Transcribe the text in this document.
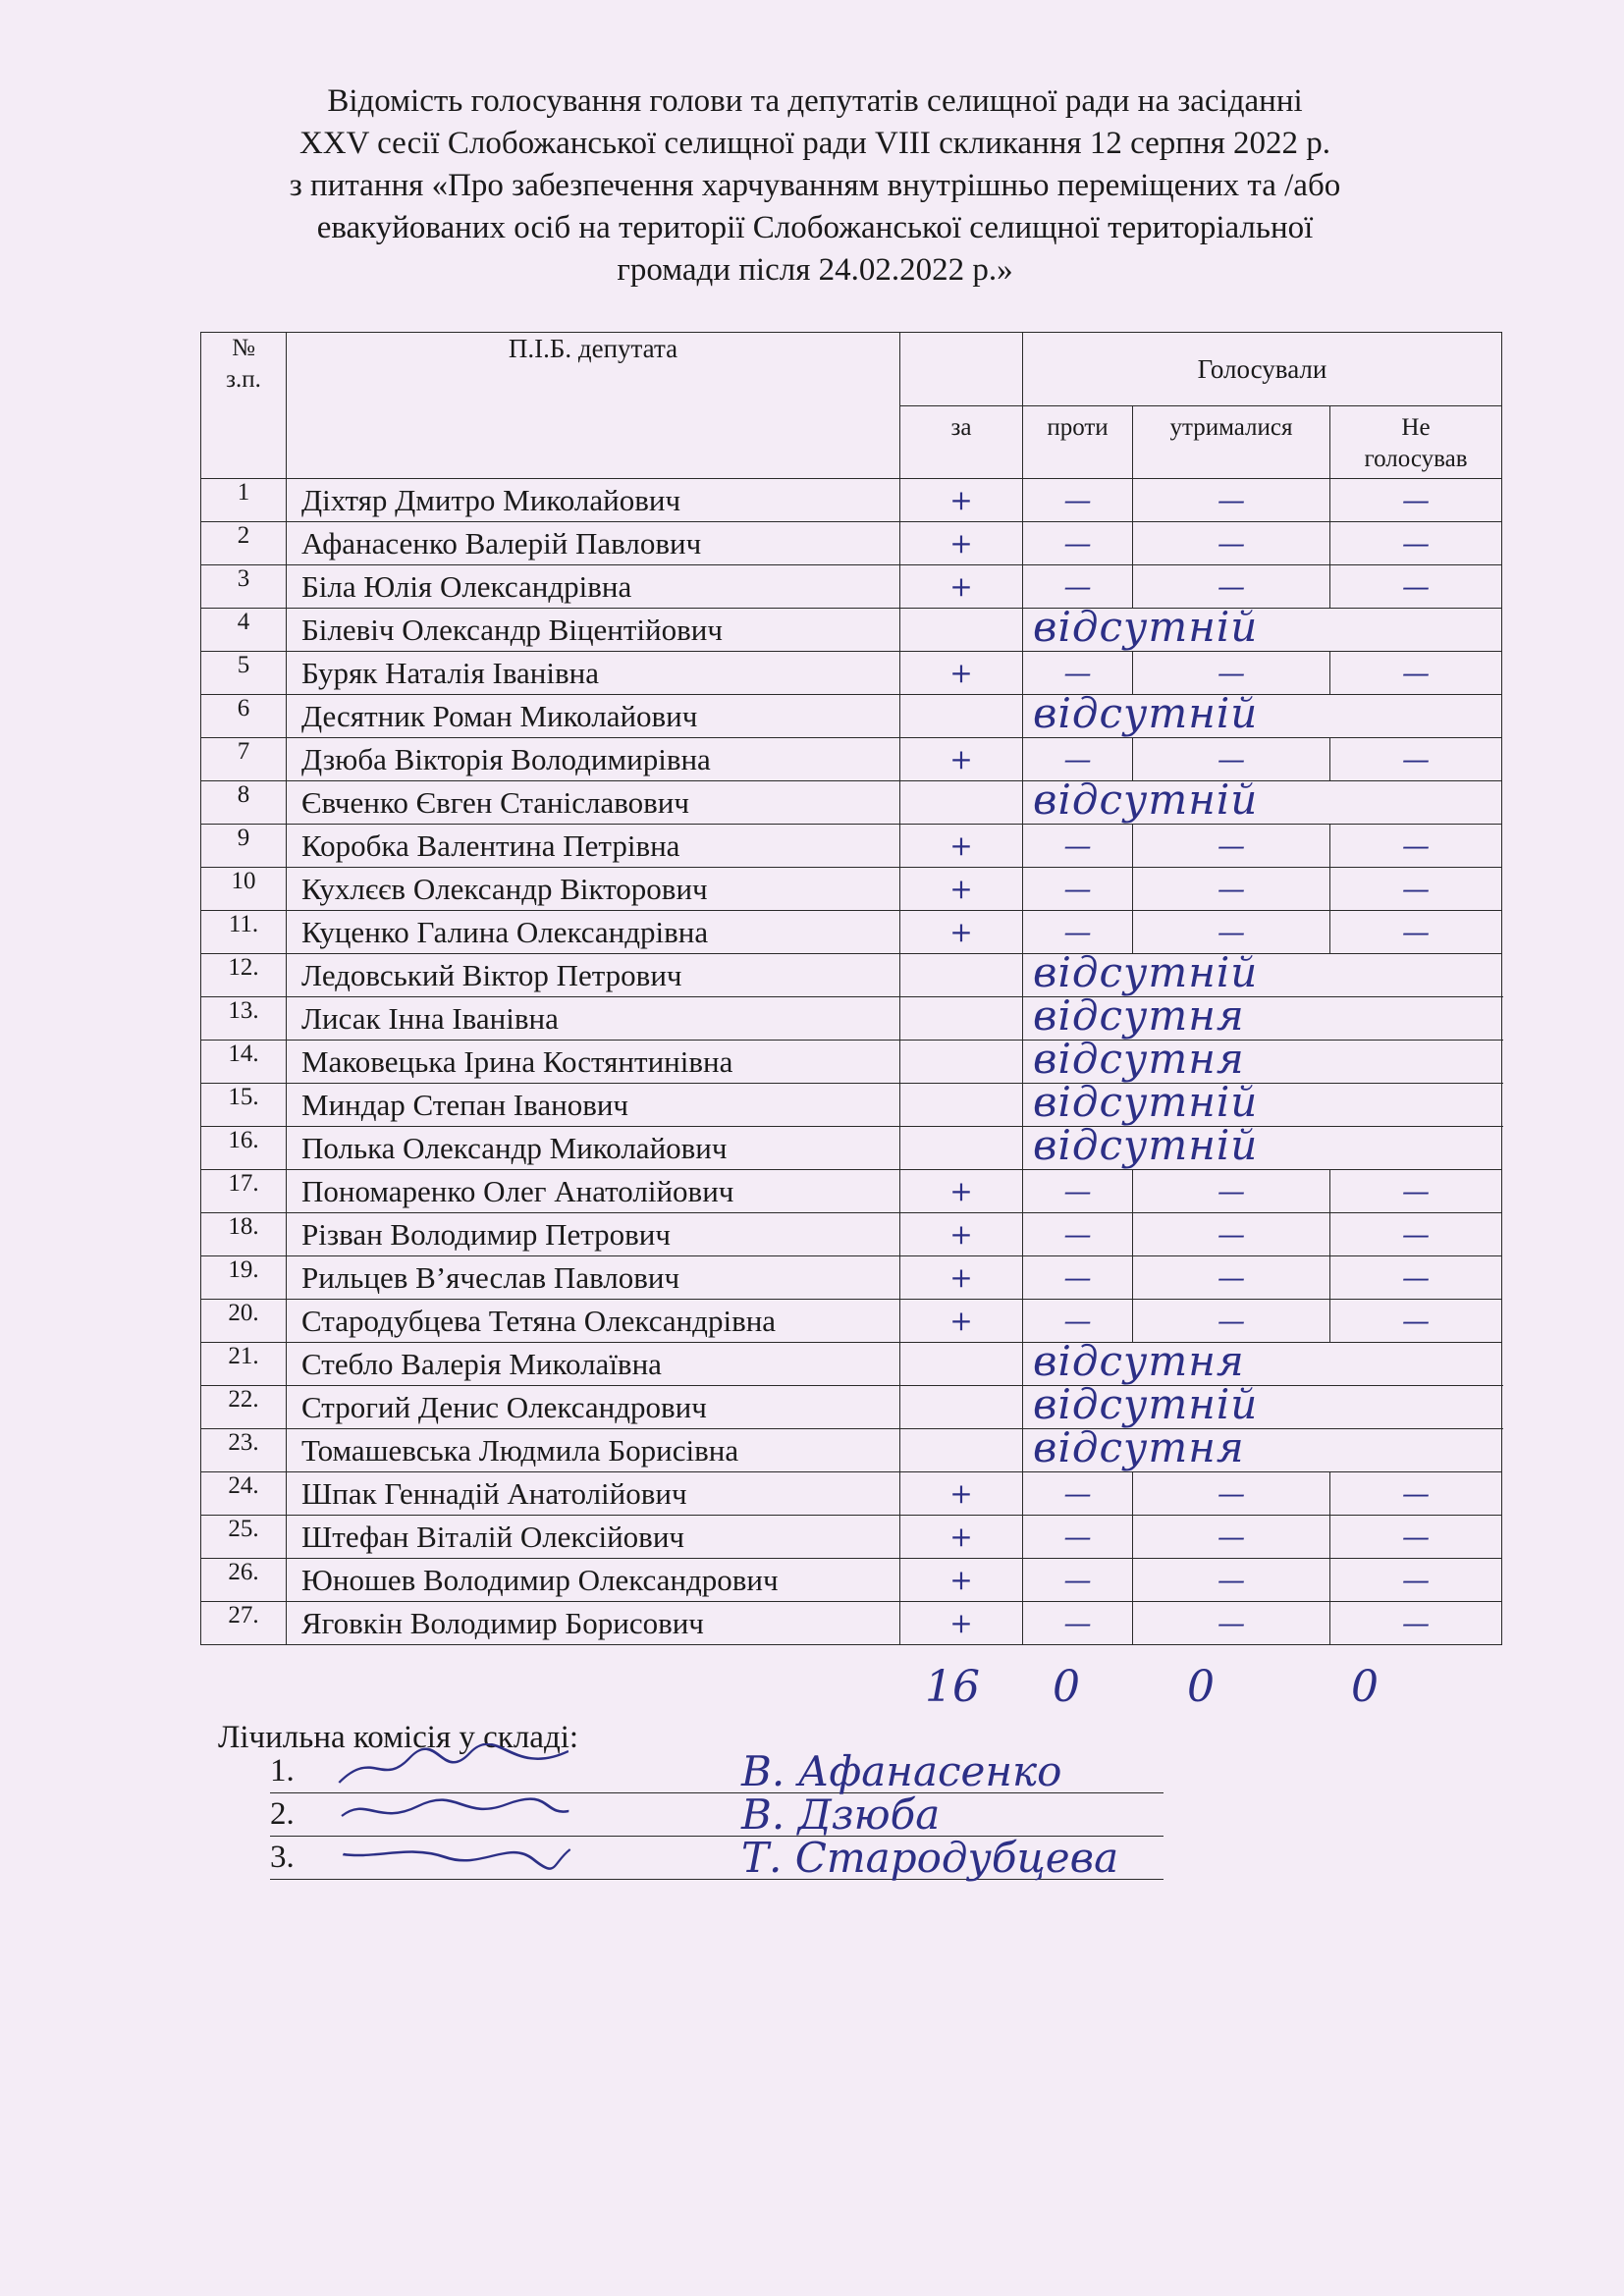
Відомість голосування голови та депутатів селищної ради на засіданні
XXV сесії Слобожанської селищної ради VIII скликання 12 серпня 2022 р.
з питання «Про забезпечення харчуванням внутрішньо переміщених та /або
евакуйованих осіб на території Слобожанської селищної територіальної
громади після 24.02.2022 р.»
№
з.п.	П.І.Б. депутата		Голосували		
		за	проти	утрималися	Не
голосував
1	Діхтяр Дмитро Миколайович	+	—	—	—
2	Афанасенко Валерій Павлович	+	—	—	—
3	Біла Юлія Олександрівна	+	—	—	—
4	Білевіч Олександр Віцентійович		відсутній		

5	Буряк Наталія Іванівна	+	—	—	—
6	Десятник Роман Миколайович		відсутній		

7	Дзюба Вікторія Володимирівна	+	—	—	—
8	Євченко Євген Станіславович		відсутній		

9	Коробка Валентина Петрівна	+	—	—	—
10	Кухлєєв Олександр Вікторович	+	—	—	—
11.	Куценко Галина Олександрівна	+	—	—	—
12.	Ледовський Віктор Петрович		відсутній		

13.	Лисак Інна Іванівна		відсутня		

14.	Маковецька Ірина Костянтинівна		відсутня		

15.	Миндар Степан Іванович		відсутній		

16.	Полька Олександр Миколайович		відсутній		

17.	Пономаренко Олег Анатолійович	+	—	—	—
18.	Різван Володимир Петрович	+	—	—	—
19.	Рильцев В’ячеслав Павлович	+	—	—	—
20.	Стародубцева Тетяна Олександрівна	+	—	—	—
21.	Стебло Валерія Миколаївна		відсутня		

22.	Строгий Денис Олександрович		відсутній		

23.	Томашевська Людмила Борисівна		відсутня		

24.	Шпак Геннадій Анатолійович	+	—	—	—
25.	Штефан Віталій Олексійович	+	—	—	—
26.	Юношев Володимир Олександрович	+	—	—	—
27.	Яговкін Володимир Борисович	+	—	—	—
16 0 0	0
Лічильна комісія у складі:
1.
 	В. Афанасенко
2.
 	В. Дзюба
3.
 	Т. Стародубцева
